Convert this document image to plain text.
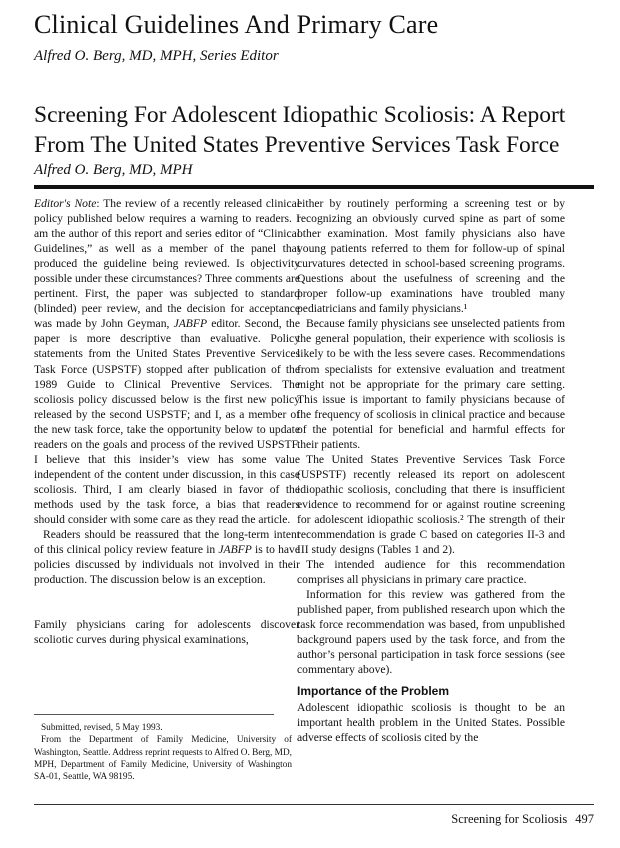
Clinical Guidelines And Primary Care
Alfred O. Berg, MD, MPH, Series Editor
Screening For Adolescent Idiopathic Scoliosis: A Report From The United States Preventive Services Task Force
Alfred O. Berg, MD, MPH

Editor's Note: The review of a recently released clinical policy published below requires a warning to readers. I am the author of this report and series editor of “Clinical Guidelines,” as well as a member of the panel that produced the guideline being reviewed. Is objectivity possible under these circumstances? Three comments are pertinent. First, the paper was subjected to standard (blinded) peer review, and the decision for acceptance was made by John Geyman, JABFP editor. Second, the paper is more descriptive than evaluative. Policy statements from the United States Preventive Services Task Force (USPSTF) stopped after publication of the 1989 Guide to Clinical Preventive Services. The scoliosis policy discussed below is the first new policy released by the second USPSTF; and I, as a member of the new task force, take the opportunity below to update readers on the goals and process of the revived USPSTF. I believe that this insider’s view has some value independent of the content under discussion, in this case scoliosis. Third, I am clearly biased in favor of the methods used by the task force, a bias that readers should consider with some care as they read the article.

Readers should be reassured that the long-term intent of this clinical policy review feature in JABFP is to have policies discussed by individuals not involved in their production. The discussion below is an exception.

Family physicians caring for adolescents discover scoliotic curves during physical examinations,

Submitted, revised, 5 May 1993.

From the Department of Family Medicine, University of Washington, Seattle. Address reprint requests to Alfred O. Berg, MD, MPH, Department of Family Medicine, University of Washington SA-01, Seattle, WA 98195.

either by routinely performing a screening test or by recognizing an obviously curved spine as part of some other examination. Most family physicians also have young patients referred to them for follow-up of spinal curvatures detected in school-based screening programs. Questions about the usefulness of screening and the proper follow-up examinations have troubled many pediatricians and family physicians.¹

Because family physicians see unselected patients from the general population, their experience with scoliosis is likely to be with the less severe cases. Recommendations from specialists for extensive evaluation and treatment might not be appropriate for the primary care setting. This issue is important to family physicians because of the frequency of scoliosis in clinical practice and because of the potential for beneficial and harmful effects for their patients.

The United States Preventive Services Task Force (USPSTF) recently released its report on adolescent idiopathic scoliosis, concluding that there is insufficient evidence to recommend for or against routine screening for adolescent idiopathic scoliosis.² The strength of their recommendation is grade C based on categories II-3 and III study designs (Tables 1 and 2).

The intended audience for this recommendation comprises all physicians in primary care practice.

Information for this review was gathered from the published paper, from published research upon which the task force recommendation was based, from unpublished background papers used by the task force, and from the author’s personal participation in task force sessions (see commentary above).

Importance of the Problem

Adolescent idiopathic scoliosis is thought to be an important health problem in the United States. Possible adverse effects of scoliosis cited by the

Screening for Scoliosis 497
